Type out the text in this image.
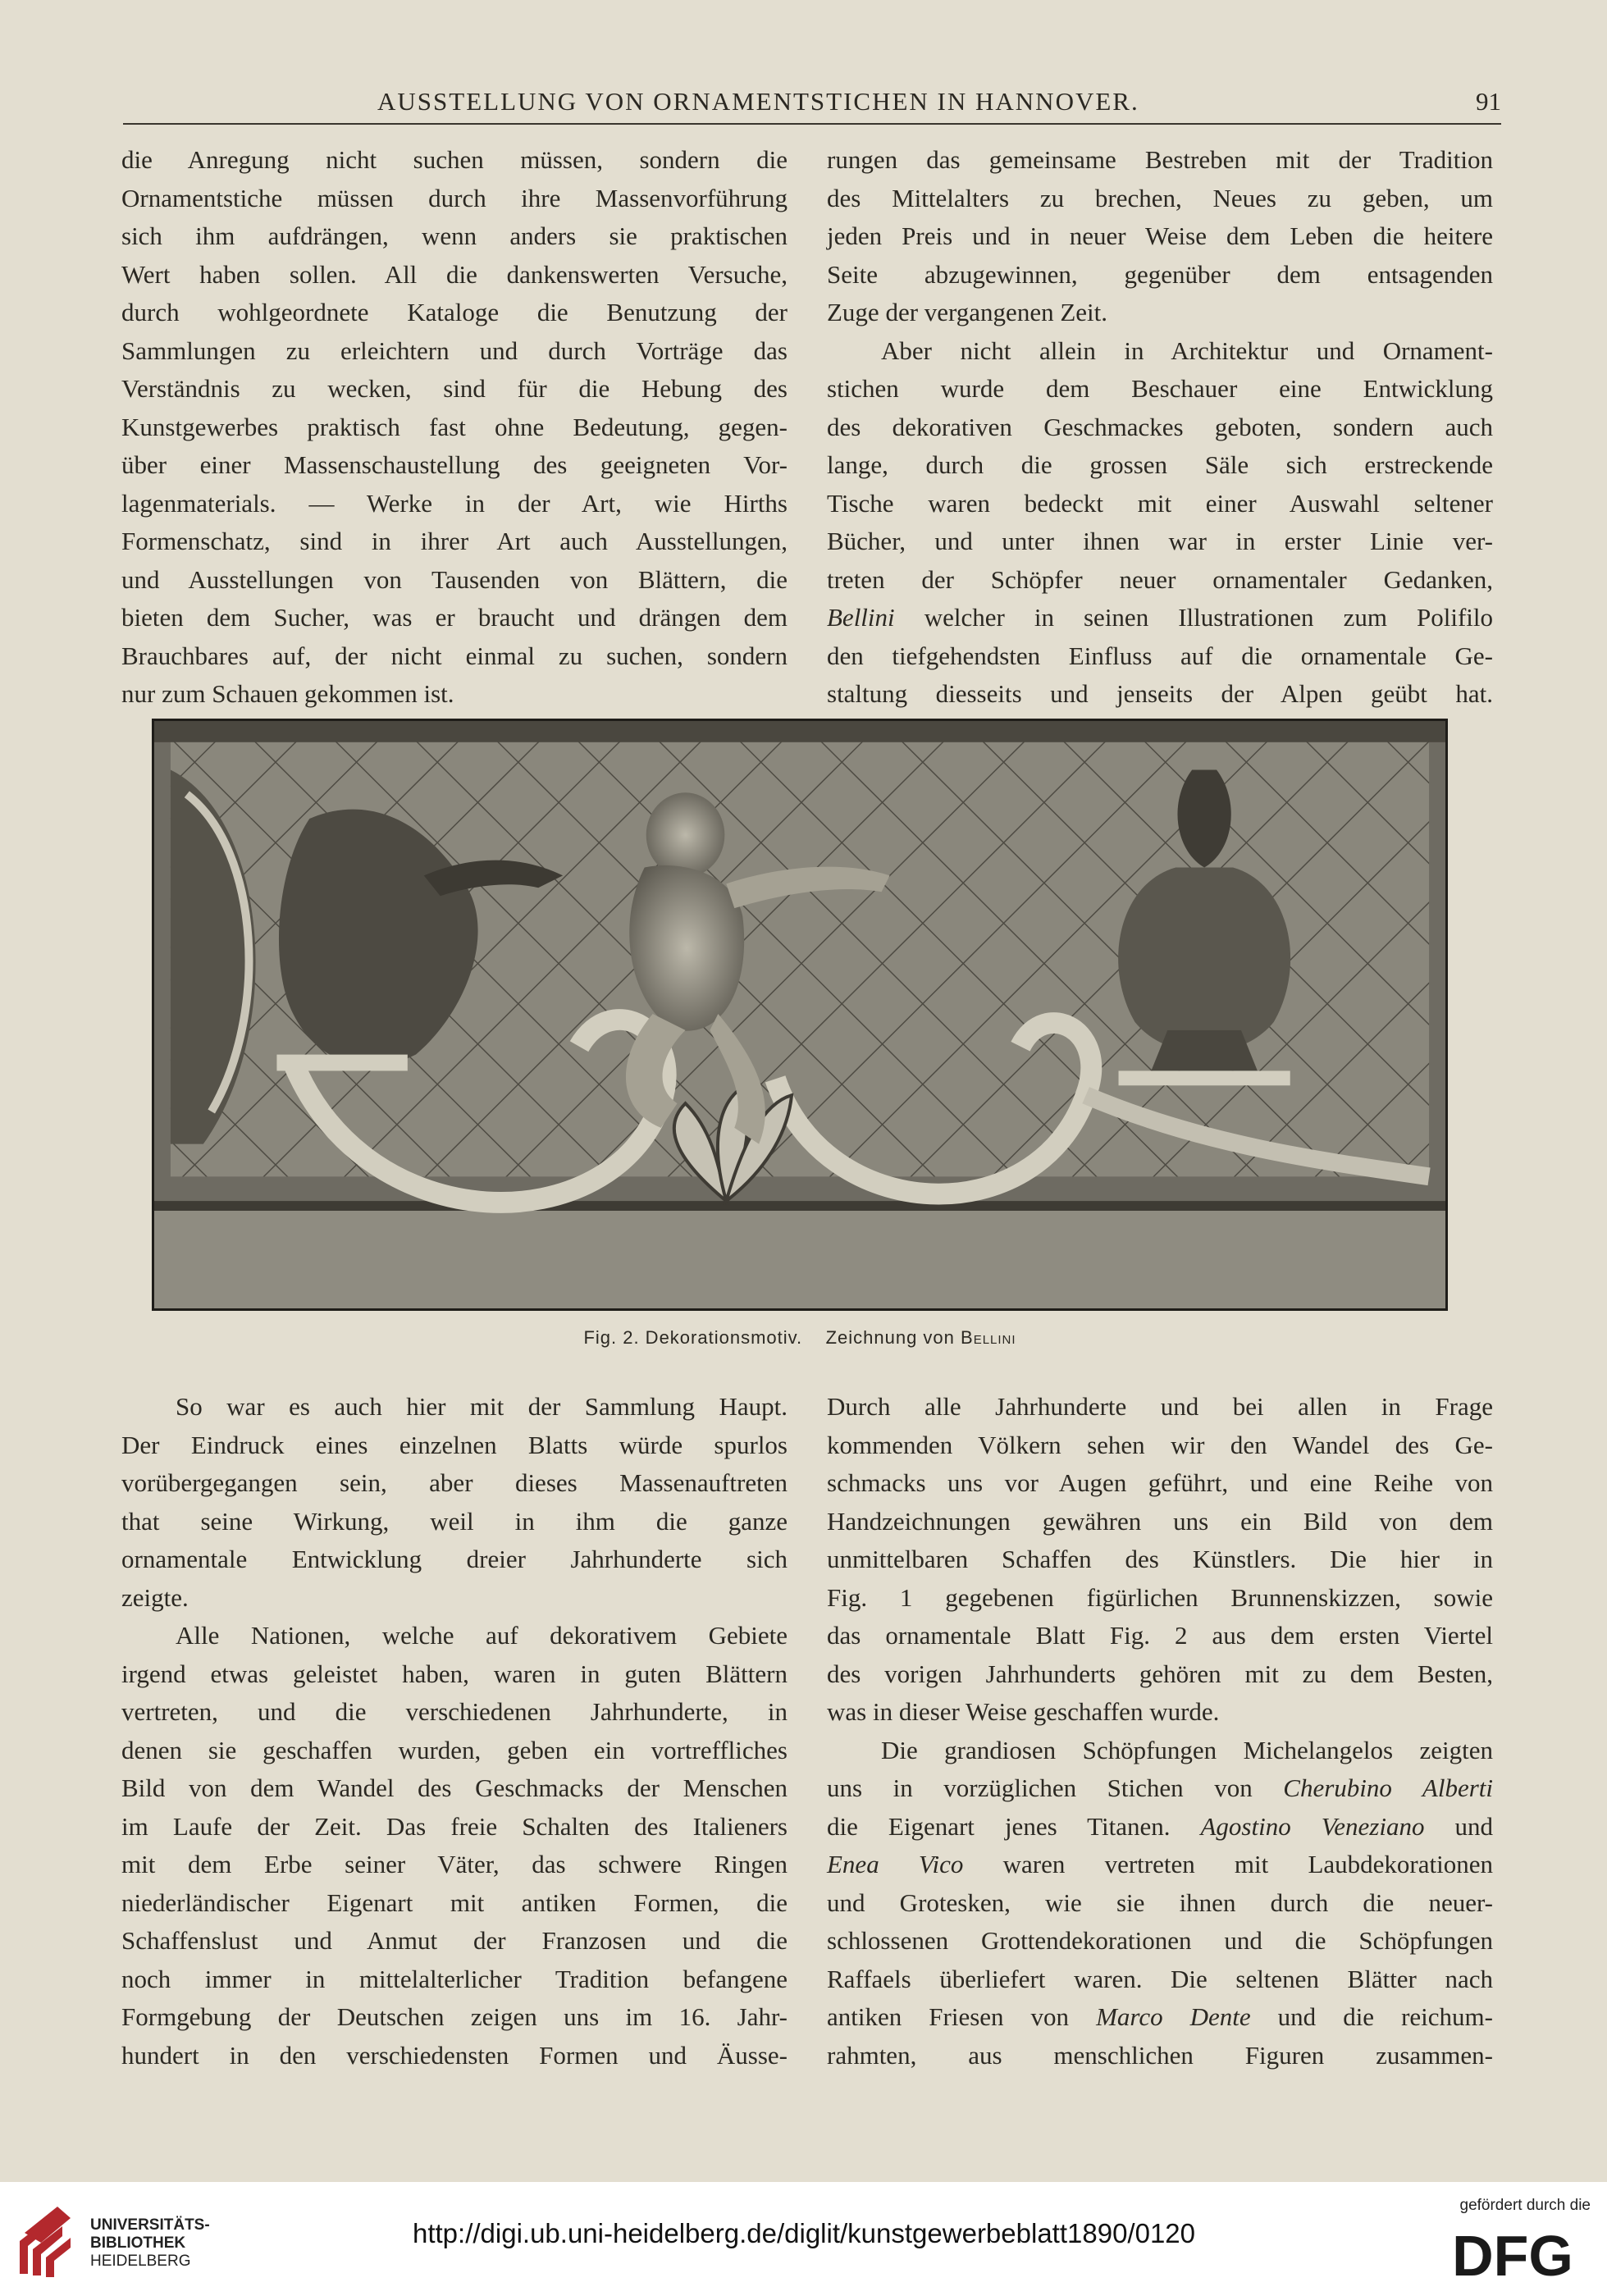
AUSSTELLUNG VON ORNAMENTSTICHEN IN HANNOVER.	91
die Anregung nicht suchen müssen, sondern die
Ornamentstiche müssen durch ihre Massenvorführung
sich ihm aufdrängen, wenn anders sie praktischen
Wert haben sollen. All die dankenswerten Versuche,
durch wohlgeordnete Kataloge die Benutzung der
Sammlungen zu erleichtern und durch Vorträge das
Verständnis zu wecken, sind für die Hebung des
Kunstgewerbes praktisch fast ohne Bedeutung, gegen-
über einer Massenschaustellung des geeigneten Vor-
lagenmaterials. — Werke in der Art, wie Hirths
Formenschatz, sind in ihrer Art auch Ausstellungen,
und Ausstellungen von Tausenden von Blättern, die
bieten dem Sucher, was er braucht und drängen dem
Brauchbares auf, der nicht einmal zu suchen, sondern
nur zum Schauen gekommen ist.
rungen das gemeinsame Bestreben mit der Tradition
des Mittelalters zu brechen, Neues zu geben, um
jeden Preis und in neuer Weise dem Leben die heitere
Seite abzugewinnen, gegenüber dem entsagenden
Zuge der vergangenen Zeit.
Aber nicht allein in Architektur und Ornament-
stichen wurde dem Beschauer eine Entwicklung
des dekorativen Geschmackes geboten, sondern auch
lange, durch die grossen Säle sich erstreckende
Tische waren bedeckt mit einer Auswahl seltener
Bücher, und unter ihnen war in erster Linie ver-
treten der Schöpfer neuer ornamentaler Gedanken,
Bellini welcher in seinen Illustrationen zum Polifilo
den tiefgehendsten Einfluss auf die ornamentale Ge-
staltung diesseits und jenseits der Alpen geübt hat.
Fig. 2. Dekorationsmotiv. Zeichnung von Bellini
So war es auch hier mit der Sammlung Haupt.
Der Eindruck eines einzelnen Blatts würde spurlos
vorübergegangen sein, aber dieses Massenauftreten
that seine Wirkung, weil in ihm die ganze
ornamentale Entwicklung dreier Jahrhunderte sich
zeigte.
Alle Nationen, welche auf dekorativem Gebiete
irgend etwas geleistet haben, waren in guten Blättern
vertreten, und die verschiedenen Jahrhunderte, in
denen sie geschaffen wurden, geben ein vortreffliches
Bild von dem Wandel des Geschmacks der Menschen
im Laufe der Zeit. Das freie Schalten des Italieners
mit dem Erbe seiner Väter, das schwere Ringen
niederländischer Eigenart mit antiken Formen, die
Schaffenslust und Anmut der Franzosen und die
noch immer in mittelalterlicher Tradition befangene
Formgebung der Deutschen zeigen uns im 16. Jahr-
hundert in den verschiedensten Formen und Äusse-
Durch alle Jahrhunderte und bei allen in Frage
kommenden Völkern sehen wir den Wandel des Ge-
schmacks uns vor Augen geführt, und eine Reihe von
Handzeichnungen gewähren uns ein Bild von dem
unmittelbaren Schaffen des Künstlers. Die hier in
Fig. 1 gegebenen figürlichen Brunnenskizzen, sowie
das ornamentale Blatt Fig. 2 aus dem ersten Viertel
des vorigen Jahrhunderts gehören mit zu dem Besten,
was in dieser Weise geschaffen wurde.
Die grandiosen Schöpfungen Michelangelos zeigten
uns in vorzüglichen Stichen von Cherubino Alberti
die Eigenart jenes Titanen. Agostino Veneziano und
Enea Vico waren vertreten mit Laubdekorationen
und Grotesken, wie sie ihnen durch die neuer-
schlossenen Grottendekorationen und die Schöpfungen
Raffaels überliefert waren. Die seltenen Blätter nach
antiken Friesen von Marco Dente und die reichum-
rahmten, aus menschlichen Figuren zusammen-
UNIVERSITÄTS-
BIBLIOTHEK
HEIDELBERG
http://digi.ub.uni-heidelberg.de/diglit/kunstgewerbeblatt1890/0120
gefördert durch die
DFG
